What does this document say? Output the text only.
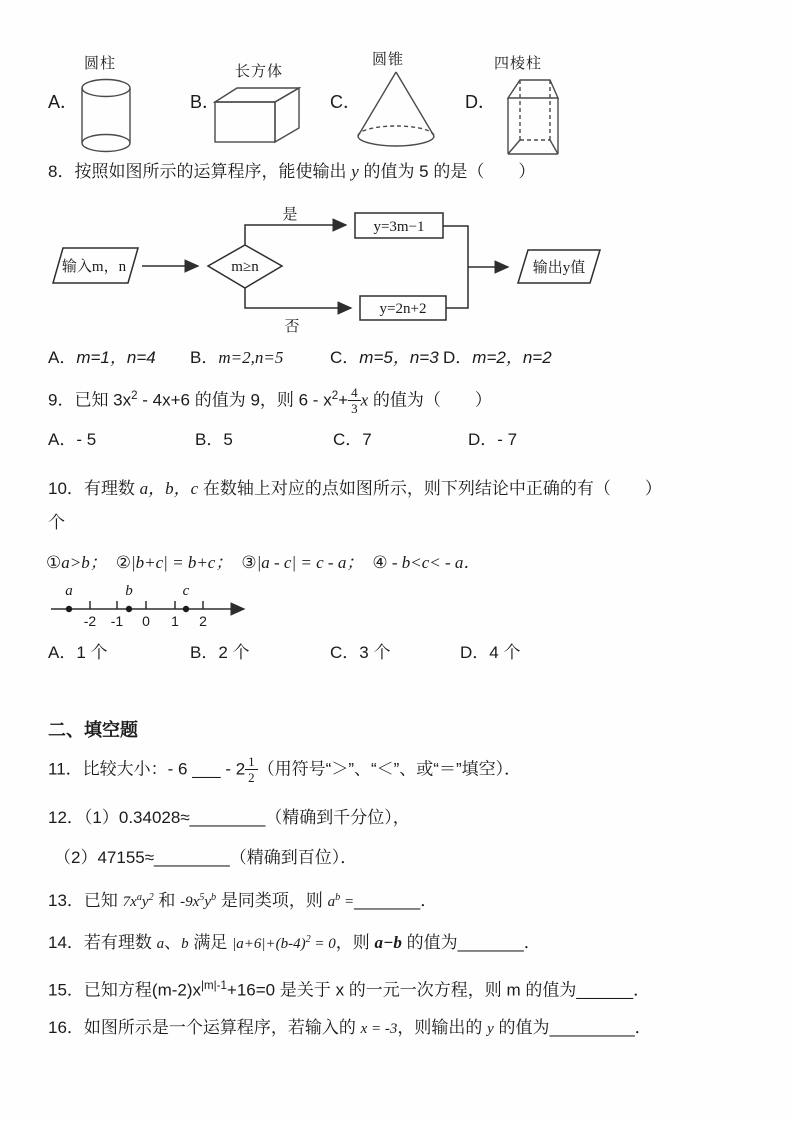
A．
圆柱
B．
长方体
C．
圆锥
D．
四棱柱
8．按照如图所示的运算程序，能使输出 y 的值为 5 的是（　　）
输入m，n	m≥n
是
y=3m−1
否
y=2n+2
输出y值
A．m=1，n=4 B．m=2,n=5	C．m=5，n=3 D．m=2，n=2
9．已知 $3x^2 - 4x+6$ 的值为 9，则 $6 - x^2+ \frac{4}{3}$ x 的值为（　　）
A．- 5	B．5	C．7	D．- 7
10．有理数 a，b，c 在数轴上对应的点如图所示，则下列结论中正确的有（　　）
个
①a>b； ②|b+c| = b+c； ③|a - c| = c - a； ④ - b<c< - a．
-2 -1 0 1 2
a	b	c
A．1 个	B．2 个	C．3 个	D．4 个
二、填空题
11．比较大小：- 6 ___ - $2 \frac{1}{2}$ （用符号“＞”、“＜”、或“＝”填空）．
12．（1）0.34028≈________（精确到千分位），
（2）47155≈________（精确到百位）．
13．已知 $7x^ay^2$ 和 $-9x^5y^b$ 是同类项，则 $a^b$ =_______．
14．若有理数 a、b 满足 $|a+6|+(b-4)^2 = 0$，则 a−b 的值为_______．
15．已知方程$(m-2)x^{|m|-1}+16=0$ 是关于 x 的一元一次方程，则 m 的值为______．
16．如图所示是一个运算程序，若输入的 x = -3，则输出的 y 的值为_________．
